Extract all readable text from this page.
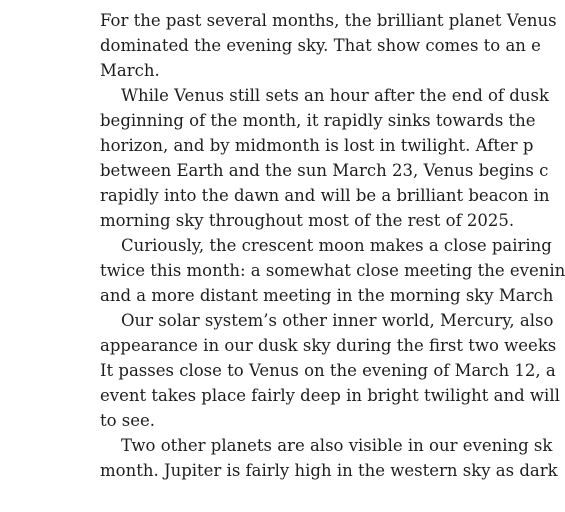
For the past several months, the brilliant planet Venus
dominated the evening sky. That show comes to an e
March.
While Venus still sets an hour after the end of dusk
beginning of the month, it rapidly sinks towards the
horizon, and by midmonth is lost in twilight. After p
between Earth and the sun March 23, Venus begins c
rapidly into the dawn and will be a brilliant beacon in
morning sky throughout most of the rest of 2025.
Curiously, the crescent moon makes a close pairing
twice this month: a somewhat close meeting the evenin
and a more distant meeting in the morning sky March
Our solar system’s other inner world, Mercury, also
appearance in our dusk sky during the first two weeks
It passes close to Venus on the evening of March 12, a
event takes place fairly deep in bright twilight and will
to see.
Two other planets are also visible in our evening sk
month. Jupiter is fairly high in the western sky as dark
